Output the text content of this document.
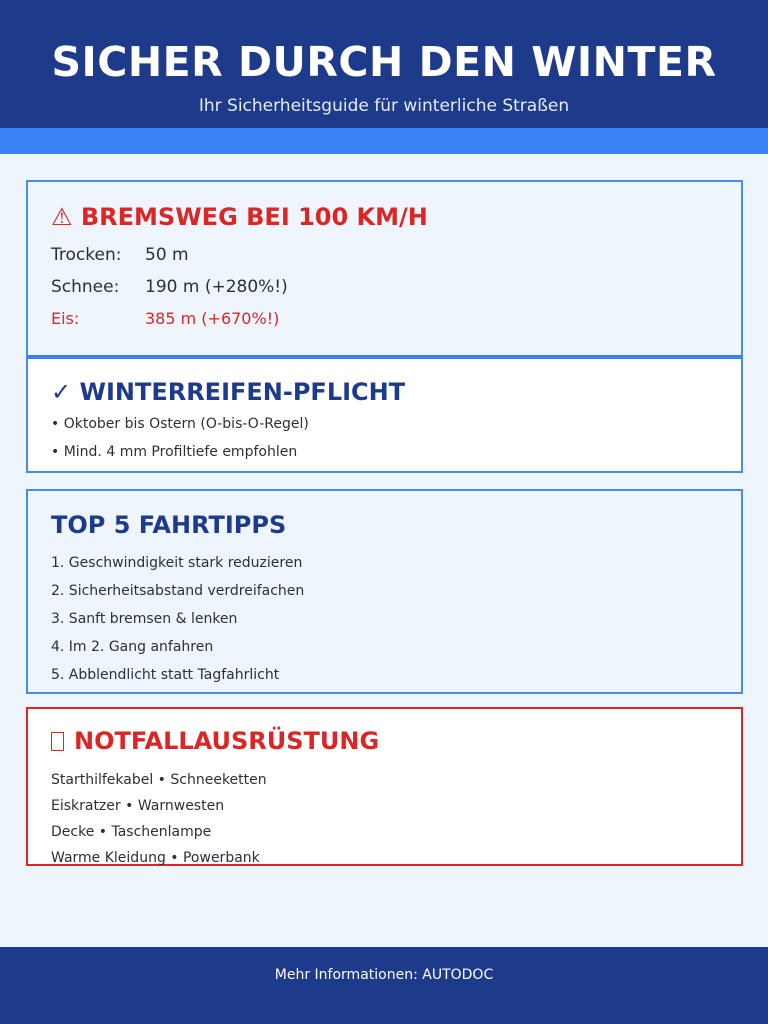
SICHER DURCH DEN WINTER
Ihr Sicherheitsguide für winterliche Straßen
⚠ BREMSWEG BEI 100 KM/H
Trocken: 50 m
Schnee: 190 m (+280%!)
Eis:	385 m (+670%!)
✓ WINTERREIFEN-PFLICHT
• Oktober bis Ostern (O-bis-O-Regel)
• Mind. 4 mm Profiltiefe empfohlen
TOP 5 FAHRTIPPS
1. Geschwindigkeit stark reduzieren
2. Sicherheitsabstand verdreifachen
3. Sanft bremsen & lenken
4. Im 2. Gang anfahren
5. Abblendlicht statt Tagfahrlicht
NOTFALLAUSRÜSTUNG
Starthilfekabel • Schneeketten
Eiskratzer • Warnwesten
Decke • Taschenlampe
Warme Kleidung • Powerbank
Mehr Informationen: AUTODOC
